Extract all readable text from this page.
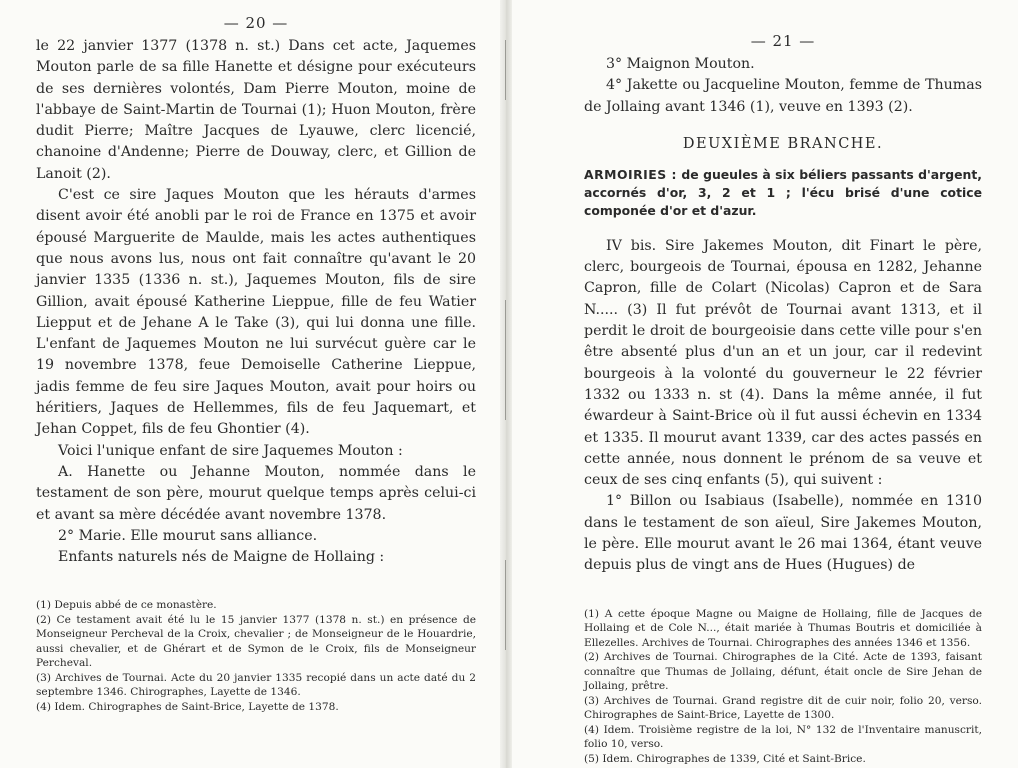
— 20 —

le 22 janvier 1377 (1378 n. st.) Dans cet acte, Jaquemes Mouton parle de sa fille Hanette et désigne pour exécuteurs de ses dernières volontés, Dam Pierre Mouton, moine de l'abbaye de Saint-Martin de Tournai (1); Huon Mouton, frère dudit Pierre; Maître Jacques de Lyauwe, clerc licencié, chanoine d'Andenne; Pierre de Douway, clerc, et Gillion de Lanoit (2).

C'est ce sire Jaques Mouton que les hérauts d'armes disent avoir été anobli par le roi de France en 1375 et avoir épousé Marguerite de Maulde, mais les actes authentiques que nous avons lus, nous ont fait connaître qu'avant le 20 janvier 1335 (1336 n. st.), Jaquemes Mouton, fils de sire Gillion, avait épousé Katherine Lieppue, fille de feu Watier Liepput et de Jehane A le Take (3), qui lui donna une fille. L'enfant de Jaquemes Mouton ne lui survécut guère car le 19 novembre 1378, feue Demoiselle Catherine Lieppue, jadis femme de feu sire Jaques Mouton, avait pour hoirs ou héritiers, Jaques de Hellemmes, fils de feu Jaquemart, et Jehan Coppet, fils de feu Ghontier (4).

Voici l'unique enfant de sire Jaquemes Mouton :

A. Hanette ou Jehanne Mouton, nommée dans le testament de son père, mourut quelque temps après celui-ci et avant sa mère décédée avant novembre 1378.

2° Marie. Elle mourut sans alliance.

Enfants naturels nés de Maigne de Hollaing :

(1) Depuis abbé de ce monastère.

(2) Ce testament avait été lu le 15 janvier 1377 (1378 n. st.) en présence de Monseigneur Percheval de la Croix, chevalier ; de Monseigneur de le Houardrie, aussi chevalier, et de Ghérart et de Symon de le Croix, fils de Monseigneur Percheval.

(3) Archives de Tournai. Acte du 20 janvier 1335 recopié dans un acte daté du 2 septembre 1346. Chirographes, Layette de 1346.

(4) Idem. Chirographes de Saint-Brice, Layette de 1378.

— 21 —

3° Maignon Mouton.

4° Jakette ou Jacqueline Mouton, femme de Thumas de Jollaing avant 1346 (1), veuve en 1393 (2).

DEUXIÈME BRANCHE.

ARMOIRIES : de gueules à six béliers passants d'argent, accornés d'or, 3, 2 et 1 ; l'écu brisé d'une cotice componée d'or et d'azur.

IV bis. Sire Jakemes Mouton, dit Finart le père, clerc, bourgeois de Tournai, épousa en 1282, Jehanne Capron, fille de Colart (Nicolas) Capron et de Sara N..... (3) Il fut prévôt de Tournai avant 1313, et il perdit le droit de bourgeoisie dans cette ville pour s'en être absenté plus d'un an et un jour, car il redevint bourgeois à la volonté du gouverneur le 22 février 1332 ou 1333 n. st (4). Dans la même année, il fut éwardeur à Saint-Brice où il fut aussi échevin en 1334 et 1335. Il mourut avant 1339, car des actes passés en cette année, nous donnent le prénom de sa veuve et ceux de ses cinq enfants (5), qui suivent :

1° Billon ou Isabiaus (Isabelle), nommée en 1310 dans le testament de son aïeul, Sire Jakemes Mouton, le père. Elle mourut avant le 26 mai 1364, étant veuve depuis plus de vingt ans de Hues (Hugues) de

(1) A cette époque Magne ou Maigne de Hollaing, fille de Jacques de Hollaing et de Cole N..., était mariée à Thumas Boutris et domiciliée à Ellezelles. Archives de Tournai. Chirographes des années 1346 et 1356.

(2) Archives de Tournai. Chirographes de la Cité. Acte de 1393, faisant connaître que Thumas de Jollaing, défunt, était oncle de Sire Jehan de Jollaing, prêtre.

(3) Archives de Tournai. Grand registre dit de cuir noir, folio 20, verso. Chirographes de Saint-Brice, Layette de 1300.

(4) Idem. Troisième registre de la loi, N° 132 de l'Inventaire manuscrit, folio 10, verso.

(5) Idem. Chirographes de 1339, Cité et Saint-Brice.
